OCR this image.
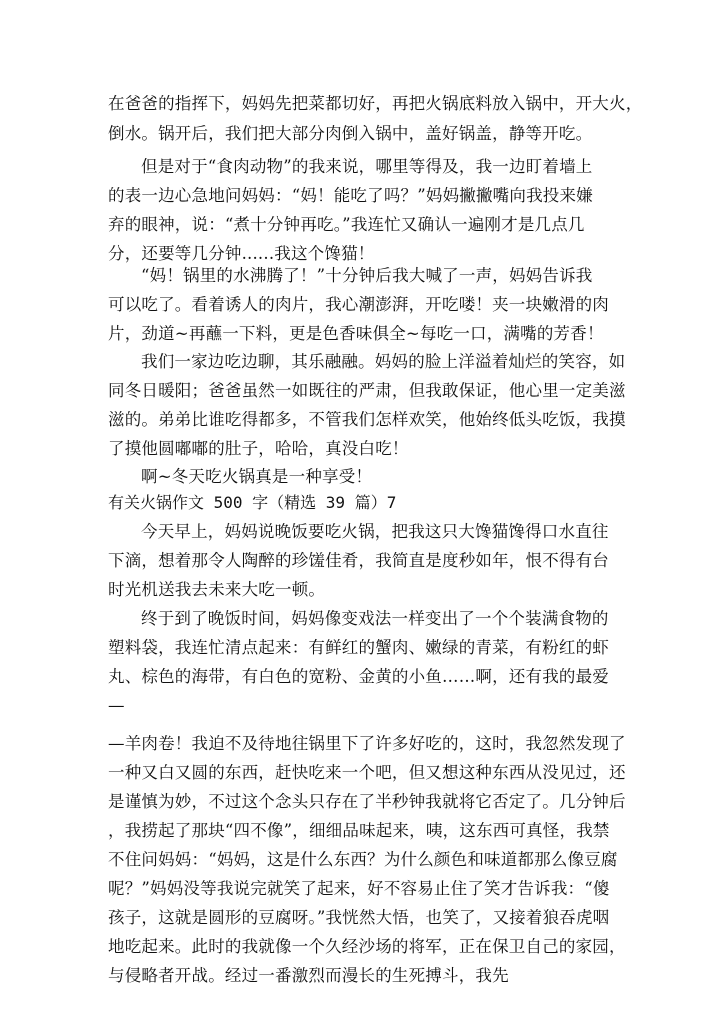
在爸爸的指挥下，妈妈先把菜都切好，再把火锅底料放入锅中，开大火，
倒水。锅开后，我们把大部分肉倒入锅中，盖好锅盖，静等开吃。
但是对于“食肉动物”的我来说，哪里等得及，我一边盯着墙上
的表一边心急地问妈妈：“妈！能吃了吗？”妈妈撇撇嘴向我投来嫌
弃的眼神，说：“煮十分钟再吃。”我连忙又确认一遍刚才是几点几
分，还要等几分钟......我这个馋猫！
“妈！锅里的水沸腾了！”十分钟后我大喊了一声，妈妈告诉我
可以吃了。看着诱人的肉片，我心潮澎湃，开吃喽！夹一块嫩滑的肉
片，劲道~再蘸一下料，更是色香味俱全~每吃一口，满嘴的芳香！
我们一家边吃边聊，其乐融融。妈妈的脸上洋溢着灿烂的笑容，如
同冬日暖阳；爸爸虽然一如既往的严肃，但我敢保证，他心里一定美滋
滋的。弟弟比谁吃得都多，不管我们怎样欢笑，他始终低头吃饭，我摸
了摸他圆嘟嘟的肚子，哈哈，真没白吃！
啊~冬天吃火锅真是一种享受！
有关火锅作文 500 字（精选 39 篇）7
今天早上，妈妈说晚饭要吃火锅，把我这只大馋猫馋得口水直往
下滴，想着那令人陶醉的珍馐佳肴，我简直是度秒如年，恨不得有台
时光机送我去未来大吃一顿。
终于到了晚饭时间，妈妈像变戏法一样变出了一个个装满食物的
塑料袋，我连忙清点起来：有鲜红的蟹肉、嫩绿的青菜，有粉红的虾
丸、棕色的海带，有白色的宽粉、金黄的小鱼……啊，还有我的最爱
—
—羊肉卷！我迫不及待地往锅里下了许多好吃的，这时，我忽然发现了
一种又白又圆的东西，赶快吃来一个吧，但又想这种东西从没见过，还
是谨慎为妙，不过这个念头只存在了半秒钟我就将它否定了。几分钟后
，我捞起了那块“四不像”，细细品味起来，咦，这东西可真怪，我禁
不住问妈妈：“妈妈，这是什么东西？为什么颜色和味道都那么像豆腐
呢？”妈妈没等我说完就笑了起来，好不容易止住了笑才告诉我：“傻
孩子，这就是圆形的豆腐呀。”我恍然大悟，也笑了，又接着狼吞虎咽
地吃起来。此时的我就像一个久经沙场的将军，正在保卫自己的家园，
与侵略者开战。经过一番激烈而漫长的生死搏斗，我先
